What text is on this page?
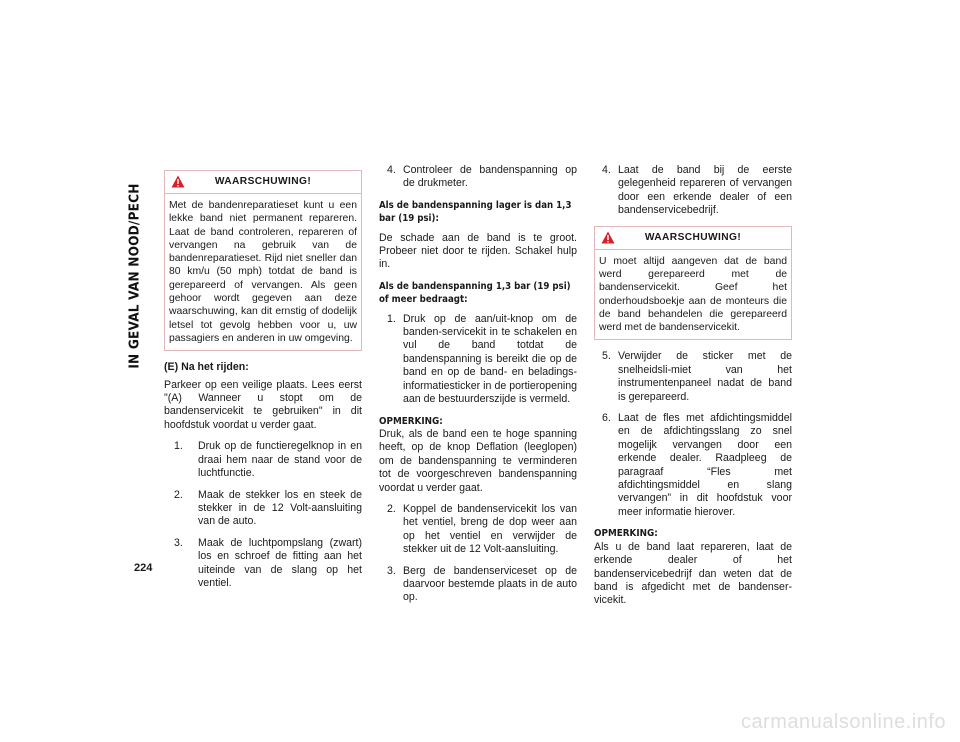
IN GEVAL VAN NOOD/PECH
224
WAARSCHUWING!
Met de bandenreparatieset kunt u een lekke band niet permanent repareren. Laat de band controleren, repareren of vervangen na gebruik van de bandenreparatieset. Rijd niet sneller dan 80 km/u (50 mph) totdat de band is gerepareerd of vervangen. Als geen gehoor wordt gegeven aan deze waarschuwing, kan dit ernstig of dodelijk letsel tot gevolg hebben voor u, uw passagiers en anderen in uw omgeving.

(E) Na het rijden:

Parkeer op een veilige plaats. Lees eerst "(A) Wanneer u stopt om de bandenservicekit te gebruiken" in dit hoofdstuk voordat u verder gaat.

1. Druk op de functieregelknop in en draai hem naar de stand voor de luchtfunctie.
2. Maak de stekker los en steek de stekker in de 12 Volt-aansluiting van de auto.
3. Maak de luchtpompslang (zwart) los en schroef de fitting aan het uiteinde van de slang op het ventiel.
4. Controleer de bandenspanning op de drukmeter.

Als de bandenspanning lager is dan 1,3 bar (19 psi):

De schade aan de band is te groot. Probeer niet door te rijden. Schakel hulp in.

Als de bandenspanning 1,3 bar (19 psi) of meer bedraagt:

1. Druk op de aan/uit-knop om de banden-servicekit in te schakelen en vul de band totdat de bandenspanning is bereikt die op de band en op de band- en beladings-informatiesticker in de portieropening aan de bestuurderszijde is vermeld.

OPMERKING:
Druk, als de band een te hoge spanning heeft, op de knop Deflation (leeglopen) om de bandenspanning te verminderen tot de voorgeschreven bandenspanning voordat u verder gaat.

2. Koppel de bandenservicekit los van het ventiel, breng de dop weer aan op het ventiel en verwijder de stekker uit de 12 Volt-aansluiting.
3. Berg de bandenserviceset op de daarvoor bestemde plaats in de auto op.
4. Laat de band bij de eerste gelegenheid repareren of vervangen door een erkende dealer of een bandenservicebedrijf.
WAARSCHUWING!
U moet altijd aangeven dat de band werd gerepareerd met de bandenservicekit. Geef het onderhoudsboekje aan de monteurs die de band behandelen die gerepareerd werd met de bandenservicekit.
5. Verwijder de sticker met de snelheidsli-miet van het instrumentenpaneel nadat de band is gerepareerd.
6. Laat de fles met afdichtingsmiddel en de afdichtingsslang zo snel mogelijk vervangen door een erkende dealer. Raadpleeg de paragraaf “Fles met afdichtingsmiddel en slang vervangen” in dit hoofdstuk voor meer informatie hierover.

OPMERKING:
Als u de band laat repareren, laat de erkende dealer of het bandenservicebedrijf dan weten dat de band is afgedicht met de bandenser-vicekit.

carmanualsonline.info
